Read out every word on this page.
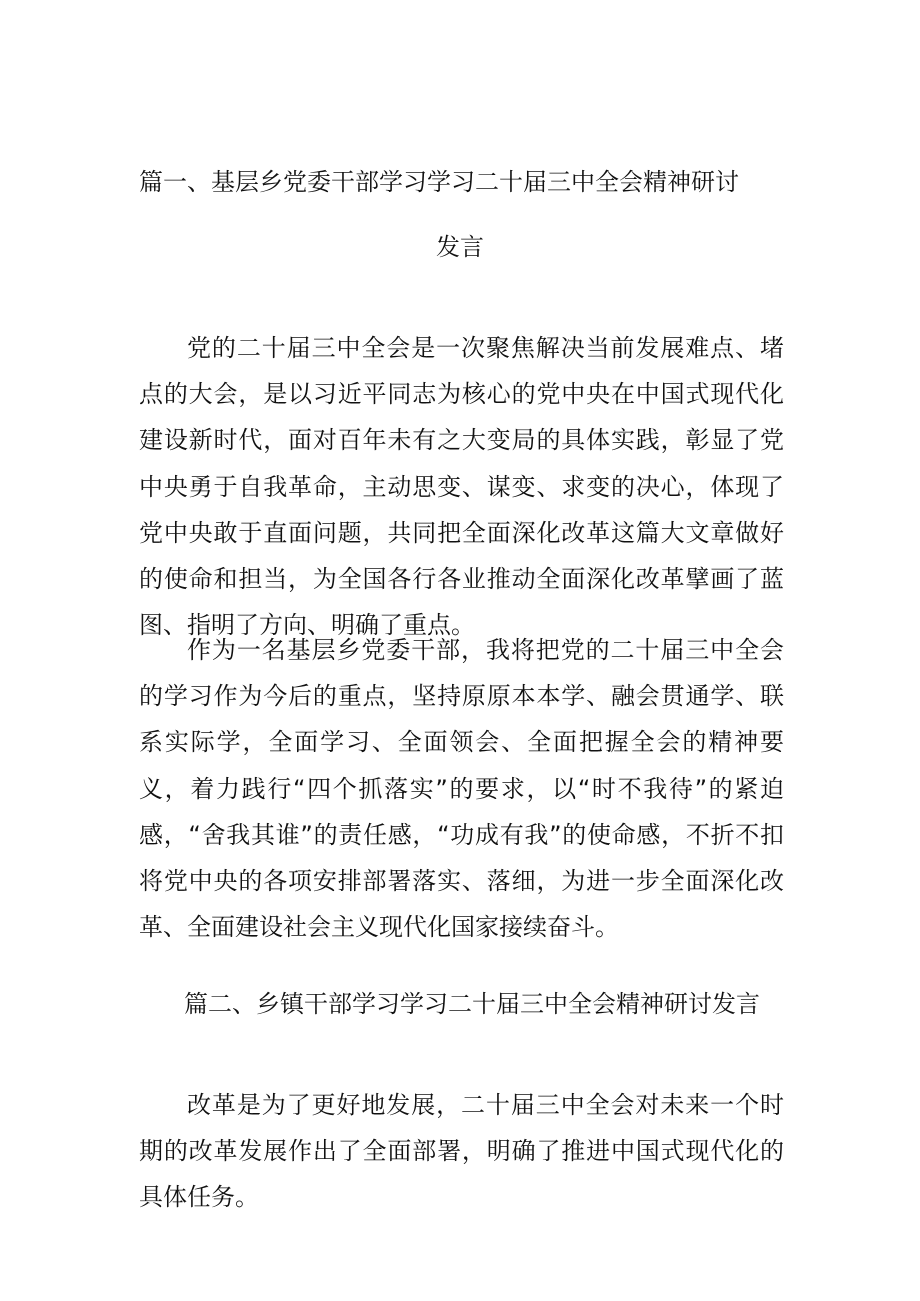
篇一、基层乡党委干部学习学习二十届三中全会精神研讨
发言

党的二十届三中全会是一次聚焦解决当前发展难点、堵点的大会，是以习近平同志为核心的党中央在中国式现代化建设新时代，面对百年未有之大变局的具体实践，彰显了党中央勇于自我革命，主动思变、谋变、求变的决心，体现了党中央敢于直面问题，共同把全面深化改革这篇大文章做好的使命和担当，为全国各行各业推动全面深化改革擘画了蓝图、指明了方向、明确了重点。

作为一名基层乡党委干部，我将把党的二十届三中全会的学习作为今后的重点，坚持原原本本学、融会贯通学、联系实际学，全面学习、全面领会、全面把握全会的精神要义，着力践行“四个抓落实”的要求，以“时不我待”的紧迫感，“舍我其谁”的责任感，“功成有我”的使命感，不折不扣将党中央的各项安排部署落实、落细，为进一步全面深化改革、全面建设社会主义现代化国家接续奋斗。

篇二、乡镇干部学习学习二十届三中全会精神研讨发言

改革是为了更好地发展，二十届三中全会对未来一个时期的改革发展作出了全面部署，明确了推进中国式现代化的具体任务。
